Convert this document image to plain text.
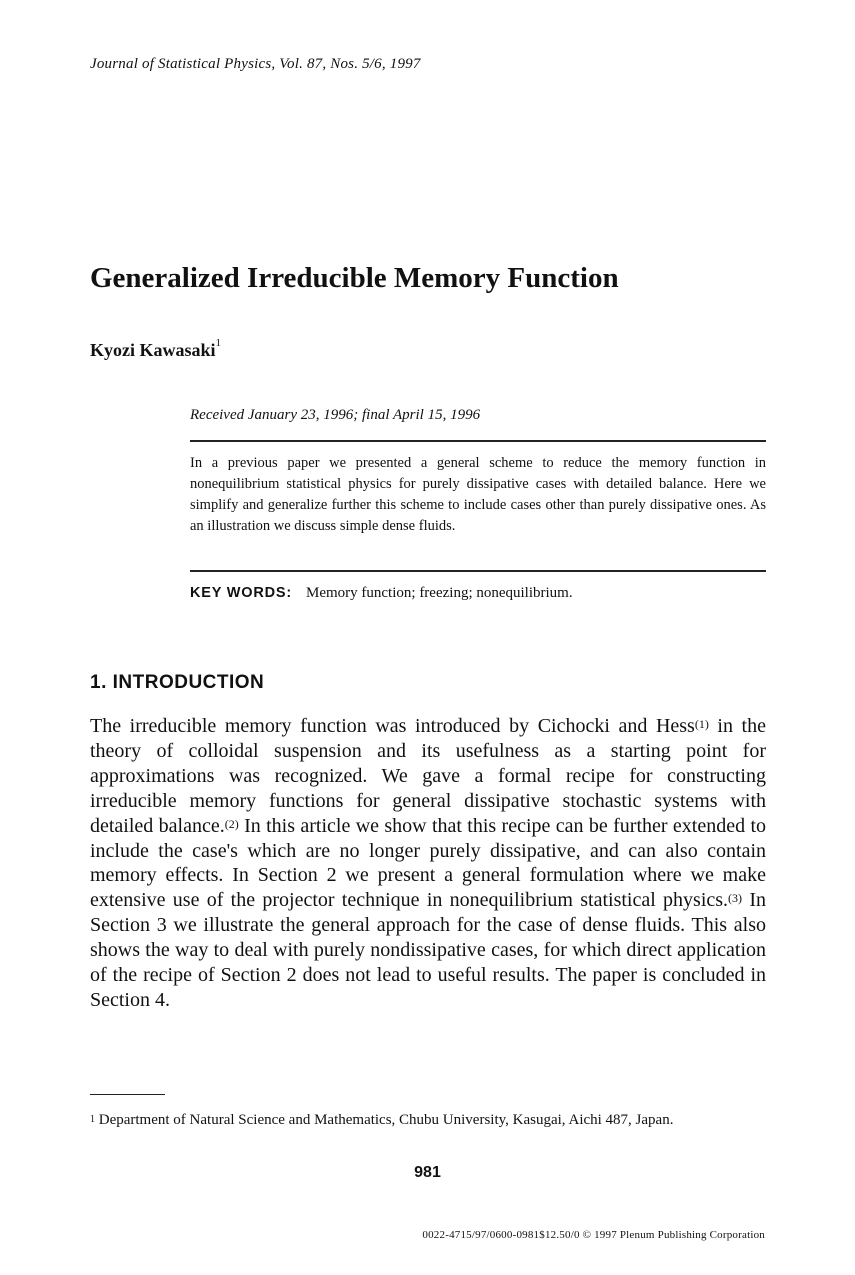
Journal of Statistical Physics, Vol. 87, Nos. 5/6, 1997
Generalized Irreducible Memory Function
Kyozi Kawasaki$^1$
Received January 23, 1996; final April 15, 1996
In a previous paper we presented a general scheme to reduce the memory function in nonequilibrium statistical physics for purely dissipative cases with detailed balance. Here we simplify and generalize further this scheme to include cases other than purely dissipative ones. As an illustration we discuss simple dense fluids.
KEY WORDS: Memory function; freezing; nonequilibrium.
1. INTRODUCTION

The irreducible memory function was introduced by Cichocki and Hess$^{(1)}$ in the theory of colloidal suspension and its usefulness as a starting point for approximations was recognized. We gave a formal recipe for constructing irreducible memory functions for general dissipative stochastic systems with detailed balance.$^{(2)}$ In this article we show that this recipe can be further extended to include the case's which are no longer purely dissipative, and can also contain memory effects. In Section 2 we present a general formulation where we make extensive use of the projector technique in nonequilibrium statistical physics.$^{(3)}$ In Section 3 we illustrate the general approach for the case of dense fluids. This also shows the way to deal with purely nondissipative cases, for which direct application of the recipe of Section 2 does not lead to useful results. The paper is concluded in Section 4.

$^1$ Department of Natural Science and Mathematics, Chubu University, Kasugai, Aichi 487, Japan.
981
0022-4715/97/0600-0981$12.50/0 © 1997 Plenum Publishing Corporation
